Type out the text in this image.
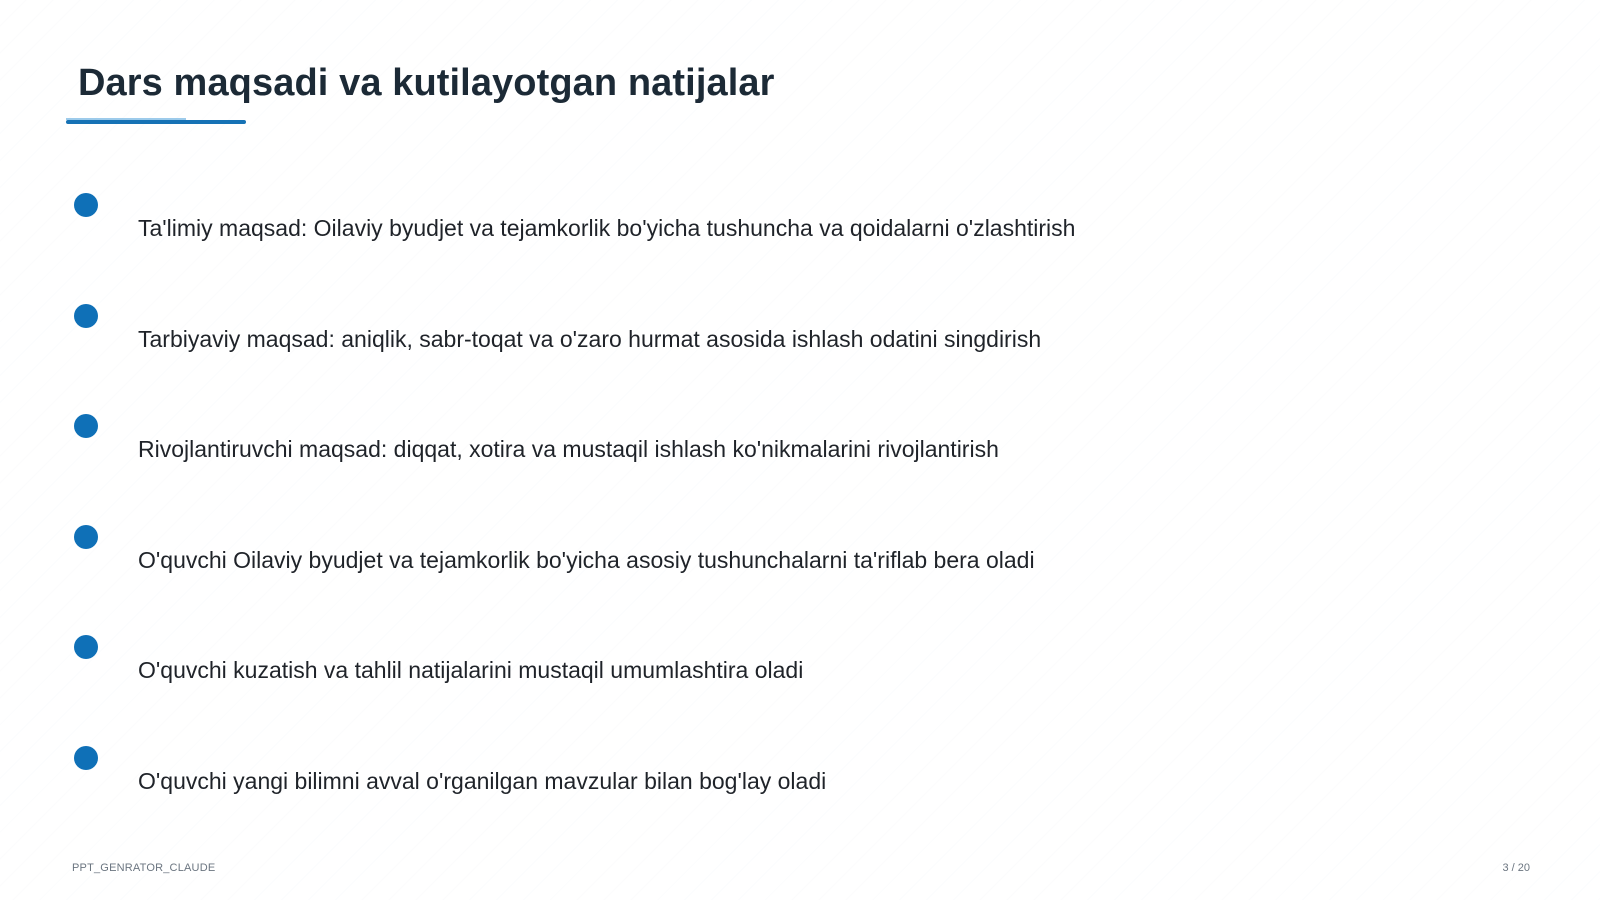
Dars maqsadi va kutilayotgan natijalar
Ta'limiy maqsad: Oilaviy byudjet va tejamkorlik bo'yicha tushuncha va qoidalarni o'zlashtirish
Tarbiyaviy maqsad: aniqlik, sabr-toqat va o'zaro hurmat asosida ishlash odatini singdirish
Rivojlantiruvchi maqsad: diqqat, xotira va mustaqil ishlash ko'nikmalarini rivojlantirish
O'quvchi Oilaviy byudjet va tejamkorlik bo'yicha asosiy tushunchalarni ta'riflab bera oladi
O'quvchi kuzatish va tahlil natijalarini mustaqil umumlashtira oladi
O'quvchi yangi bilimni avval o'rganilgan mavzular bilan bog'lay oladi
PPT_GENRATOR_CLAUDE	3 / 20
